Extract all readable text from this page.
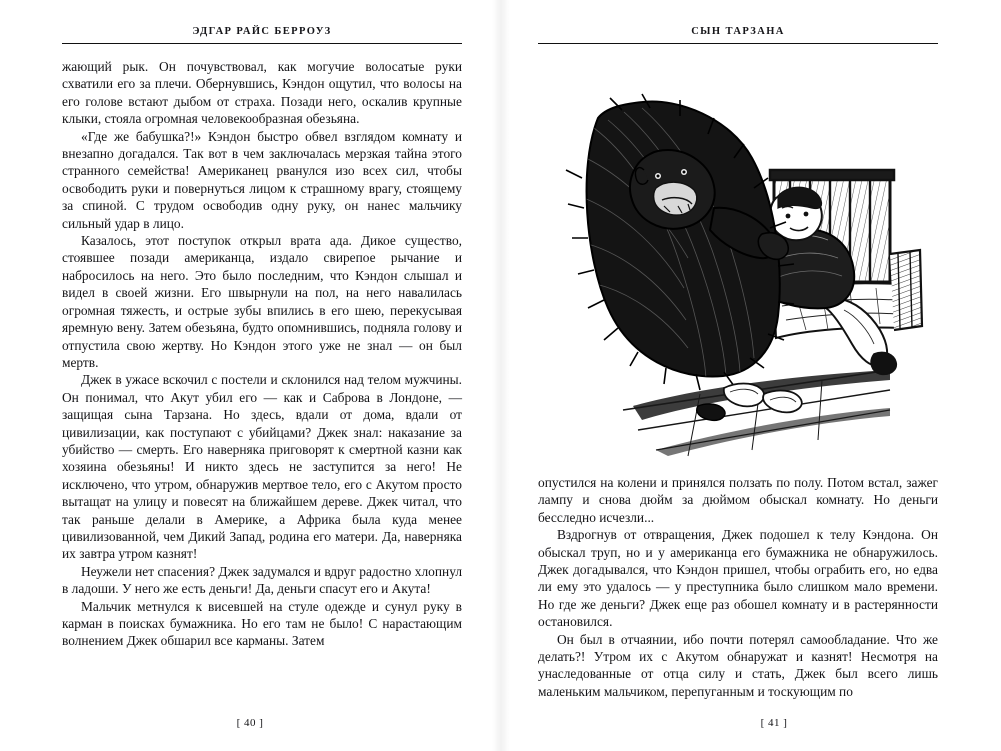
ЭДГАР РАЙС БЕРРОУЗ

жающий рык. Он почувствовал, как могучие волосатые руки схватили его за плечи. Обернувшись, Кэндон ощутил, что волосы на его голове встают дыбом от страха. Позади него, оскалив крупные клыки, стояла огромная человекообразная обезьяна.

«Где же бабушка?!» Кэндон быстро обвел взглядом комнату и внезапно догадался. Так вот в чем заключалась мерзкая тайна этого странного семейства! Американец рванулся изо всех сил, чтобы освободить руки и повернуться лицом к страшному врагу, стоящему за спиной. С трудом освободив одну руку, он нанес мальчику сильный удар в лицо.

Казалось, этот поступок открыл врата ада. Дикое существо, стоявшее позади американца, издало свирепое рычание и набросилось на него. Это было последним, что Кэндон слышал и видел в своей жизни. Его швырнули на пол, на него навалилась огромная тяжесть, и острые зубы впились в его шею, перекусывая яремную вену. Затем обезьяна, будто опомнившись, подняла голову и отпустила свою жертву. Но Кэндон этого уже не знал — он был мертв.

Джек в ужасе вскочил с постели и склонился над телом мужчины. Он понимал, что Акут убил его — как и Саброва в Лондоне, — защищая сына Тарзана. Но здесь, вдали от дома, вдали от цивилизации, как поступают с убийцами? Джек знал: наказание за убийство — смерть. Его наверняка приговорят к смертной казни как хозяина обезьяны! И никто здесь не заступится за него! Не исключено, что утром, обнаружив мертвое тело, его с Акутом просто вытащат на улицу и повесят на ближайшем дереве. Джек читал, что так раньше делали в Америке, а Африка была куда менее цивилизованной, чем Дикий Запад, родина его матери. Да, наверняка их завтра утром казнят!

Неужели нет спасения? Джек задумался и вдруг радостно хлопнул в ладоши. У него же есть деньги! Да, деньги спасут его и Акута!

Мальчик метнулся к висевшей на стуле одежде и сунул руку в карман в поисках бумажника. Но его там не было! С нарастающим волнением Джек обшарил все карманы. Затем

[ 40 ]
СЫН ТАРЗАНА

опустился на колени и принялся ползать по полу. Потом встал, зажег лампу и снова дюйм за дюймом обыскал комнату. Но деньги бесследно исчезли...

Вздрогнув от отвращения, Джек подошел к телу Кэндона. Он обыскал труп, но и у американца его бумажника не обнаружилось. Джек догадывался, что Кэндон пришел, чтобы ограбить его, но едва ли ему это удалось — у преступника было слишком мало времени. Но где же деньги? Джек еще раз обошел комнату и в растерянности остановился.

Он был в отчаянии, ибо почти потерял самообладание. Что же делать?! Утром их с Акутом обнаружат и казнят! Несмотря на унаследованные от отца силу и стать, Джек был всего лишь маленьким мальчиком, перепуганным и тоскующим по

[ 41 ]
